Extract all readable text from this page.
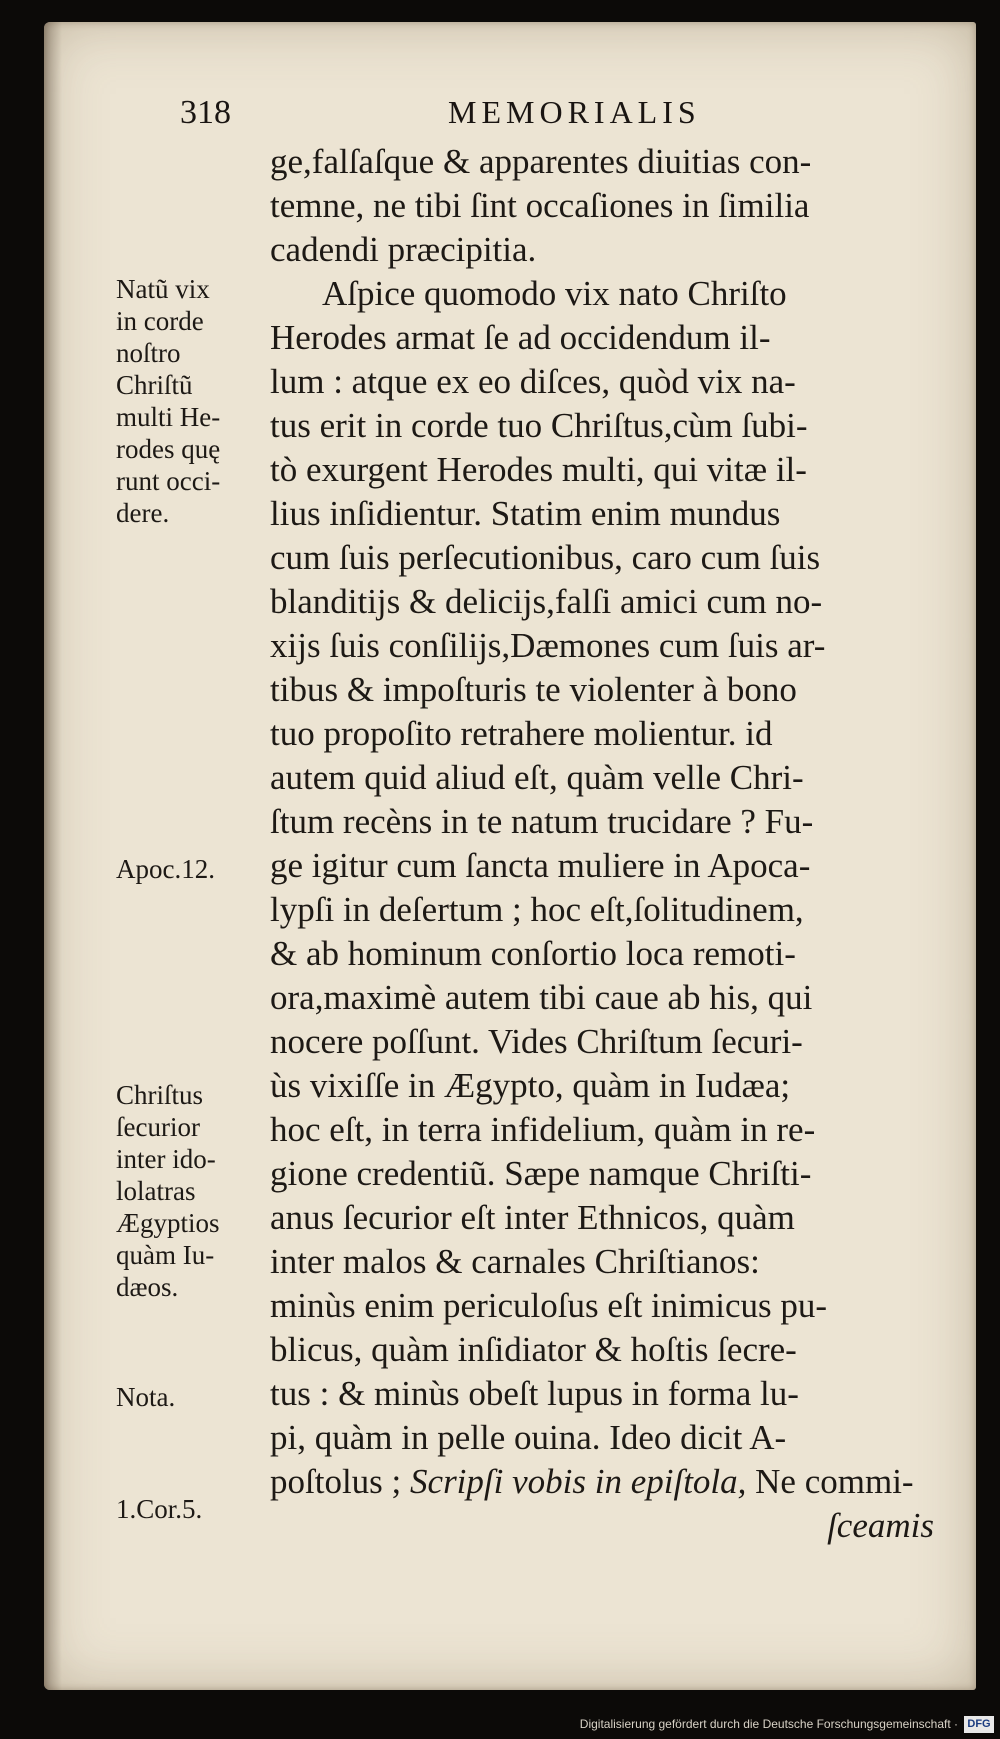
318	MEMORIALIS
ge,falſaſque & apparentes diuitias con-
temne, ne tibi ſint occaſiones in ſimilia
cadendi præcipitia.
Aſpice quomodo vix nato Chriſto
Herodes armat ſe ad occidendum il-
lum : atque ex eo diſces, quòd vix na-
tus erit in corde tuo Chriſtus,cùm ſubi-
tò exurgent Herodes multi, qui vitæ il-
lius inſidientur. Statim enim mundus
cum ſuis perſecutionibus, caro cum ſuis
blanditijs & delicijs,falſi amici cum no-
xijs ſuis conſilijs,Dæmones cum ſuis ar-
tibus & impoſturis te violenter à bono
tuo propoſito retrahere molientur. id
autem quid aliud eſt, quàm velle Chri-
ſtum recèns in te natum trucidare ? Fu-
ge igitur cum ſancta muliere in Apoca-
lypſi in deſertum ; hoc eſt,ſolitudinem,
& ab hominum conſortio loca remoti-
ora,maximè autem tibi caue ab his, qui
nocere poſſunt. Vides Chriſtum ſecuri-
ùs vixiſſe in Ægypto, quàm in Iudæa;
hoc eſt, in terra infidelium, quàm in re-
gione credentiũ. Sæpe namque Chriſti-
anus ſecurior eſt inter Ethnicos, quàm
inter malos & carnales Chriſtianos:
minùs enim periculoſus eſt inimicus pu-
blicus, quàm inſidiator & hoſtis ſecre-
tus : & minùs obeſt lupus in forma lu-
pi, quàm in pelle ouina. Ideo dicit A-
poſtolus ; Scripſi vobis in epiſtola, Ne commi-
ſceamis
Natũ vix
in corde
noſtro
Chriſtũ
multi He-
rodes quę
runt occi-
dere.
Apoc.12.
Chriſtus
ſecurior
inter ido-
lolatras
Ægyptios
quàm Iu-
dæos.
Nota.
1.Cor.5.
Digitalisierung gefördert durch die Deutsche Forschungsgemeinschaft · DFG
